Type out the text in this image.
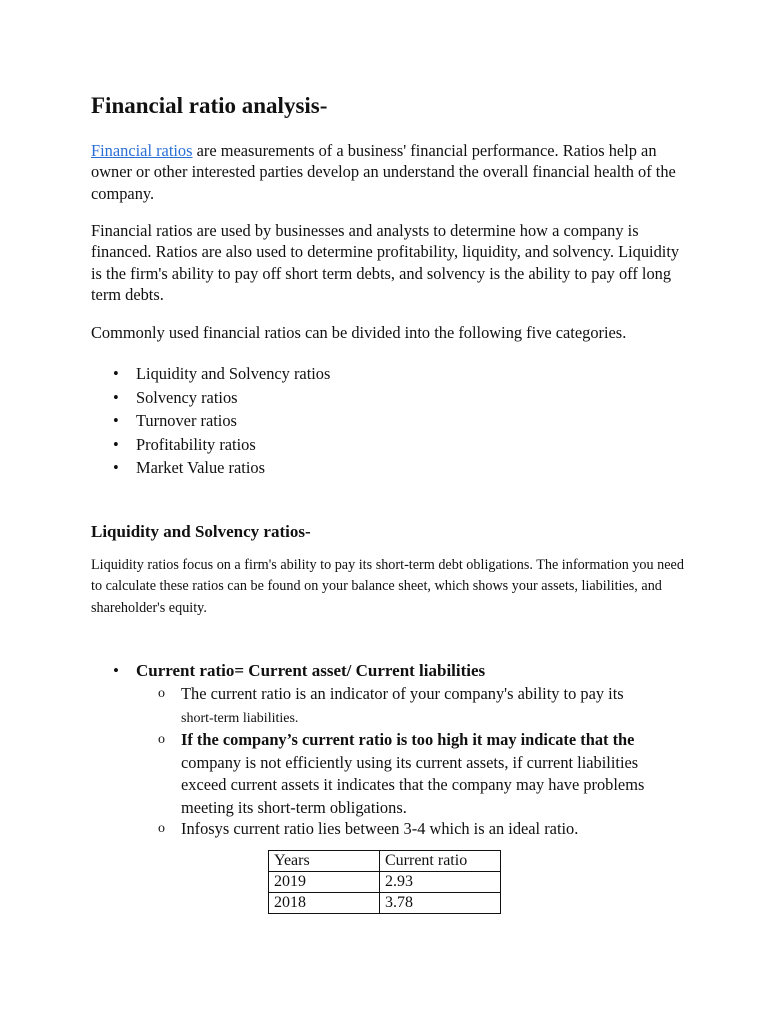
Financial ratio analysis-

Financial ratios are measurements of a business' financial performance. Ratios help an owner or other interested parties develop an understand the overall financial health of the company.

Financial ratios are used by businesses and analysts to determine how a company is financed. Ratios are also used to determine profitability, liquidity, and solvency. Liquidity is the firm's ability to pay off short term debts, and solvency is the ability to pay off long term debts.

Commonly used financial ratios can be divided into the following five categories.

• Liquidity and Solvency ratios
• Solvency ratios
• Turnover ratios
• Profitability ratios
• Market Value ratios
Liquidity and Solvency ratios-

Liquidity ratios focus on a firm's ability to pay its short-term debt obligations. The information you need to calculate these ratios can be found on your balance sheet, which shows your assets, liabilities, and shareholder's equity.

• Current ratio= Current asset/ Current liabilities

o The current ratio is an indicator of your company's ability to pay its
short-term liabilities.
o If the company’s current ratio is too high it may indicate that the company is not efficiently using its current assets, if current liabilities exceed current assets it indicates that the company may have problems meeting its short-term obligations.
o Infosys current ratio lies between 3-4 which is an ideal ratio.
Years	Current ratio
2019	2.93
2018	3.78
